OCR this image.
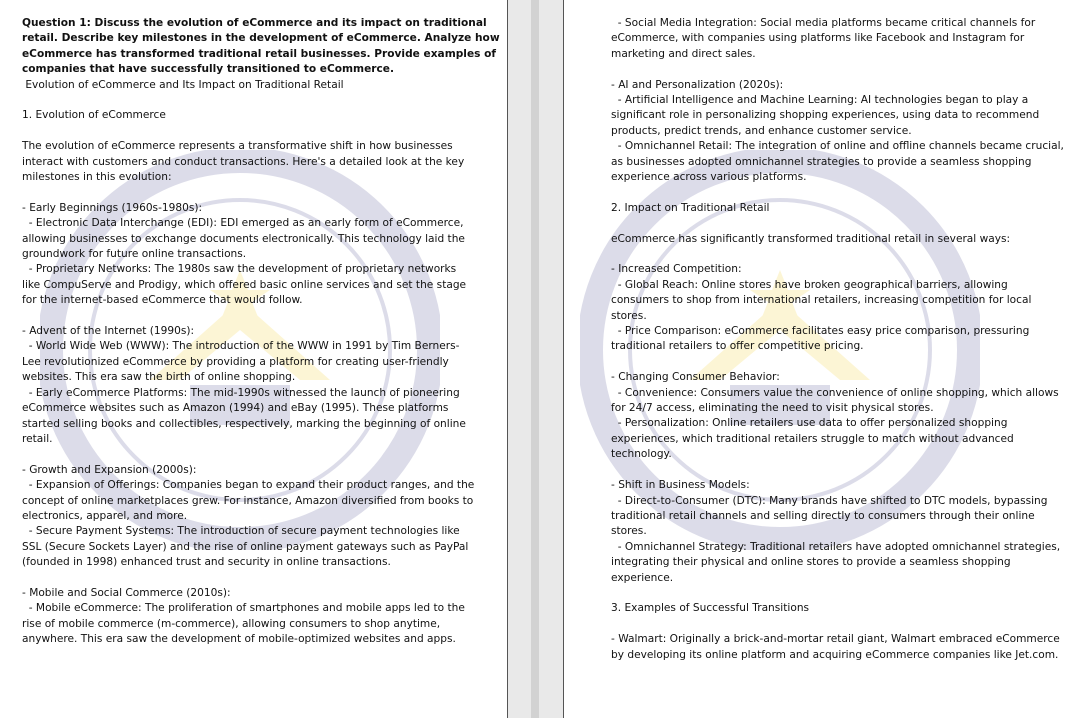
Question 1: Discuss the evolution of eCommerce and its impact on traditional
retail. Describe key milestones in the development of eCommerce. Analyze how
eCommerce has transformed traditional retail businesses. Provide examples of
companies that have successfully transitioned to eCommerce.
Evolution of eCommerce and Its Impact on Traditional Retail
1. Evolution of eCommerce
The evolution of eCommerce represents a transformative shift in how businesses
interact with customers and conduct transactions. Here's a detailed look at the key
milestones in this evolution:
- Early Beginnings (1960s-1980s):
- Electronic Data Interchange (EDI): EDI emerged as an early form of eCommerce,
allowing businesses to exchange documents electronically. This technology laid the
groundwork for future online transactions.
- Proprietary Networks: The 1980s saw the development of proprietary networks
like CompuServe and Prodigy, which offered basic online services and set the stage
for the internet-based eCommerce that would follow.
- Advent of the Internet (1990s):
- World Wide Web (WWW): The introduction of the WWW in 1991 by Tim Berners-
Lee revolutionized eCommerce by providing a platform for creating user-friendly
websites. This era saw the birth of online shopping.
- Early eCommerce Platforms: The mid-1990s witnessed the launch of pioneering
eCommerce websites such as Amazon (1994) and eBay (1995). These platforms
started selling books and collectibles, respectively, marking the beginning of online
retail.
- Growth and Expansion (2000s):
- Expansion of Offerings: Companies began to expand their product ranges, and the
concept of online marketplaces grew. For instance, Amazon diversified from books to
electronics, apparel, and more.
- Secure Payment Systems: The introduction of secure payment technologies like
SSL (Secure Sockets Layer) and the rise of online payment gateways such as PayPal
(founded in 1998) enhanced trust and security in online transactions.
- Mobile and Social Commerce (2010s):
- Mobile eCommerce: The proliferation of smartphones and mobile apps led to the
rise of mobile commerce (m-commerce), allowing consumers to shop anytime,
anywhere. This era saw the development of mobile-optimized websites and apps.
- Social Media Integration: Social media platforms became critical channels for
eCommerce, with companies using platforms like Facebook and Instagram for
marketing and direct sales.
- AI and Personalization (2020s):
- Artificial Intelligence and Machine Learning: AI technologies began to play a
significant role in personalizing shopping experiences, using data to recommend
products, predict trends, and enhance customer service.
- Omnichannel Retail: The integration of online and offline channels became crucial,
as businesses adopted omnichannel strategies to provide a seamless shopping
experience across various platforms.
2. Impact on Traditional Retail
eCommerce has significantly transformed traditional retail in several ways:
- Increased Competition:
- Global Reach: Online stores have broken geographical barriers, allowing
consumers to shop from international retailers, increasing competition for local
stores.
- Price Comparison: eCommerce facilitates easy price comparison, pressuring
traditional retailers to offer competitive pricing.
- Changing Consumer Behavior:
- Convenience: Consumers value the convenience of online shopping, which allows
for 24/7 access, eliminating the need to visit physical stores.
- Personalization: Online retailers use data to offer personalized shopping
experiences, which traditional retailers struggle to match without advanced
technology.
- Shift in Business Models:
- Direct-to-Consumer (DTC): Many brands have shifted to DTC models, bypassing
traditional retail channels and selling directly to consumers through their online
stores.
- Omnichannel Strategy: Traditional retailers have adopted omnichannel strategies,
integrating their physical and online stores to provide a seamless shopping
experience.
3. Examples of Successful Transitions
- Walmart: Originally a brick-and-mortar retail giant, Walmart embraced eCommerce
by developing its online platform and acquiring eCommerce companies like Jet.com.
